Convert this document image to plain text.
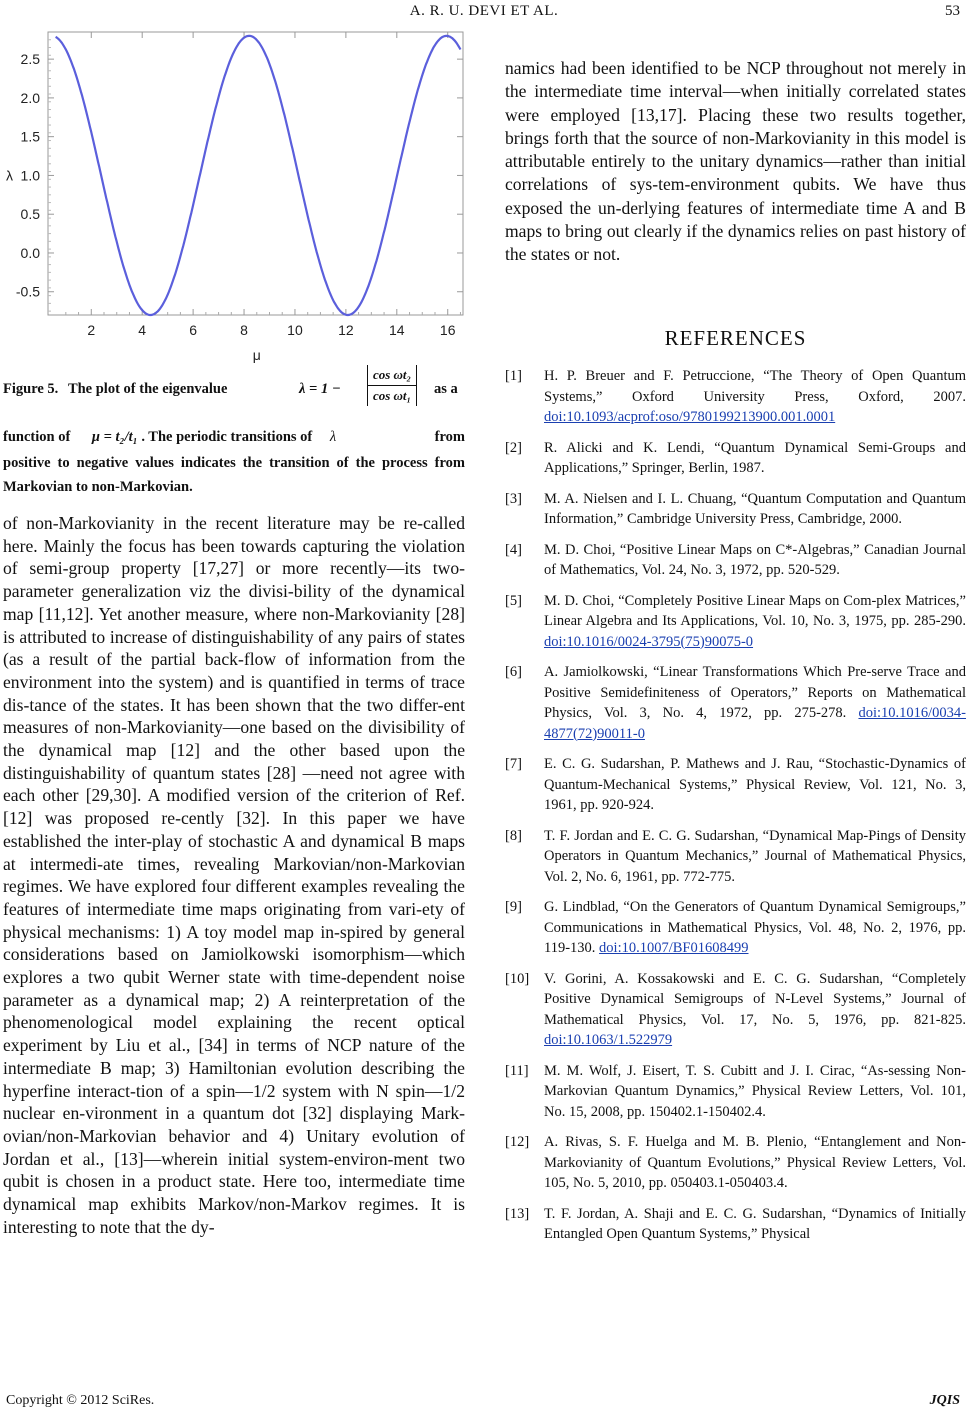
A. R. U. DEVI ET AL.	53
2	4	6	8	10	12	14	16
-0.5
0.0
0.5
1.0
1.5
2.0
2.5
μ
λ
Figure 5. The plot of the eigenvalue	$\lambda = 1 - \frac{\text{cos ωt₂}}{\text{cos ωt₁}}$ as a
function of μ = t₂/t₁ . The periodic transitions of λ	from
positive to negative values indicates the transition of the process from Markovian to non-Markovian.

of non-Markovianity in the recent literature may be re-called here. Mainly the focus has been towards capturing the violation of semi-group property [17,27] or more recently—its two-parameter generalization viz the divisi-bility of the dynamical map [11,12]. Yet another measure, where non-Markovianity [28] is attributed to increase of distinguishability of any pairs of states (as a result of the partial back-flow of information from the environment into the system) and is quantified in terms of trace dis-tance of the states. It has been shown that the two differ-ent measures of non-Markovianity—one based on the divisibility of the dynamical map [12] and the other based upon the distinguishability of quantum states [28] —need not agree with each other [29,30]. A modified version of the criterion of Ref. [12] was proposed re-cently [32]. In this paper we have established the inter-play of stochastic A and dynamical B maps at intermedi-ate times, revealing Markovian/non-Markovian regimes. We have explored four different examples revealing the features of intermediate time maps originating from vari-ety of physical mechanisms: 1) A toy model map in-spired by general considerations based on Jamiolkowski isomorphism—which explores a two qubit Werner state with time-dependent noise parameter as a dynamical map; 2) A reinterpretation of the phenomenological model explaining the recent optical experiment by Liu et al., [34] in terms of NCP nature of the intermediate B map; 3) Hamiltonian evolution describing the hyperfine interact-tion of a spin—1/2 system with N spin—1/2 nuclear en-vironment in a quantum dot [32] displaying Mark-ovian/non-Markovian behavior and 4) Unitary evolution of Jordan et al., [13]—wherein initial system-environ-ment two qubit is chosen in a product state. Here too, intermediate time dynamical map exhibits Markov/non-Markov regimes. It is interesting to note that the dy-

namics had been identified to be NCP throughout not merely in the intermediate time interval—when initially correlated states were employed [13,17]. Placing these two results together, brings forth that the source of non-Markovianity in this model is attributable entirely to the unitary dynamics—rather than initial correlations of sys-tem-environment qubits. We have thus exposed the un-derlying features of intermediate time A and B maps to bring out clearly if the dynamics relies on past history of the states or not.

REFERENCES
[1] H. P. Breuer and F. Petruccione, “The Theory of Open Quantum Systems,” Oxford University Press, Oxford, 2007. doi:10.1093/acprof:oso/9780199213900.001.0001
[2] R. Alicki and K. Lendi, “Quantum Dynamical Semi-Groups and Applications,” Springer, Berlin, 1987.
[3] M. A. Nielsen and I. L. Chuang, “Quantum Computation and Quantum Information,” Cambridge University Press, Cambridge, 2000.
[4] M. D. Choi, “Positive Linear Maps on C*-Algebras,” Canadian Journal of Mathematics, Vol. 24, No. 3, 1972, pp. 520-529.
[5] M. D. Choi, “Completely Positive Linear Maps on Com-plex Matrices,” Linear Algebra and Its Applications, Vol. 10, No. 3, 1975, pp. 285-290. doi:10.1016/0024-3795(75)90075-0
[6] A. Jamiolkowski, “Linear Transformations Which Pre-serve Trace and Positive Semidefiniteness of Operators,” Reports on Mathematical Physics, Vol. 3, No. 4, 1972, pp. 275-278. doi:10.1016/0034-4877(72)90011-0
[7] E. C. G. Sudarshan, P. Mathews and J. Rau, “Stochastic-Dynamics of Quantum-Mechanical Systems,” Physical Review, Vol. 121, No. 3, 1961, pp. 920-924.
[8] T. F. Jordan and E. C. G. Sudarshan, “Dynamical Map-Pings of Density Operators in Quantum Mechanics,” Journal of Mathematical Physics, Vol. 2, No. 6, 1961, pp. 772-775.
[9] G. Lindblad, “On the Generators of Quantum Dynamical Semigroups,” Communications in Mathematical Physics, Vol. 48, No. 2, 1976, pp. 119-130. doi:10.1007/BF01608499
[10] V. Gorini, A. Kossakowski and E. C. G. Sudarshan, “Completely Positive Dynamical Semigroups of N-Level Systems,” Journal of Mathematical Physics, Vol. 17, No. 5, 1976, pp. 821-825. doi:10.1063/1.522979
[11] M. M. Wolf, J. Eisert, T. S. Cubitt and J. I. Cirac, “As-sessing Non-Markovian Quantum Dynamics,” Physical Review Letters, Vol. 101, No. 15, 2008, pp. 150402.1-150402.4.
[12] A. Rivas, S. F. Huelga and M. B. Plenio, “Entanglement and Non-Markovianity of Quantum Evolutions,” Physical Review Letters, Vol. 105, No. 5, 2010, pp. 050403.1-050403.4.
[13] T. F. Jordan, A. Shaji and E. C. G. Sudarshan, “Dynamics of Initially Entangled Open Quantum Systems,” Physical
Copyright © 2012 SciRes.	JQIS
